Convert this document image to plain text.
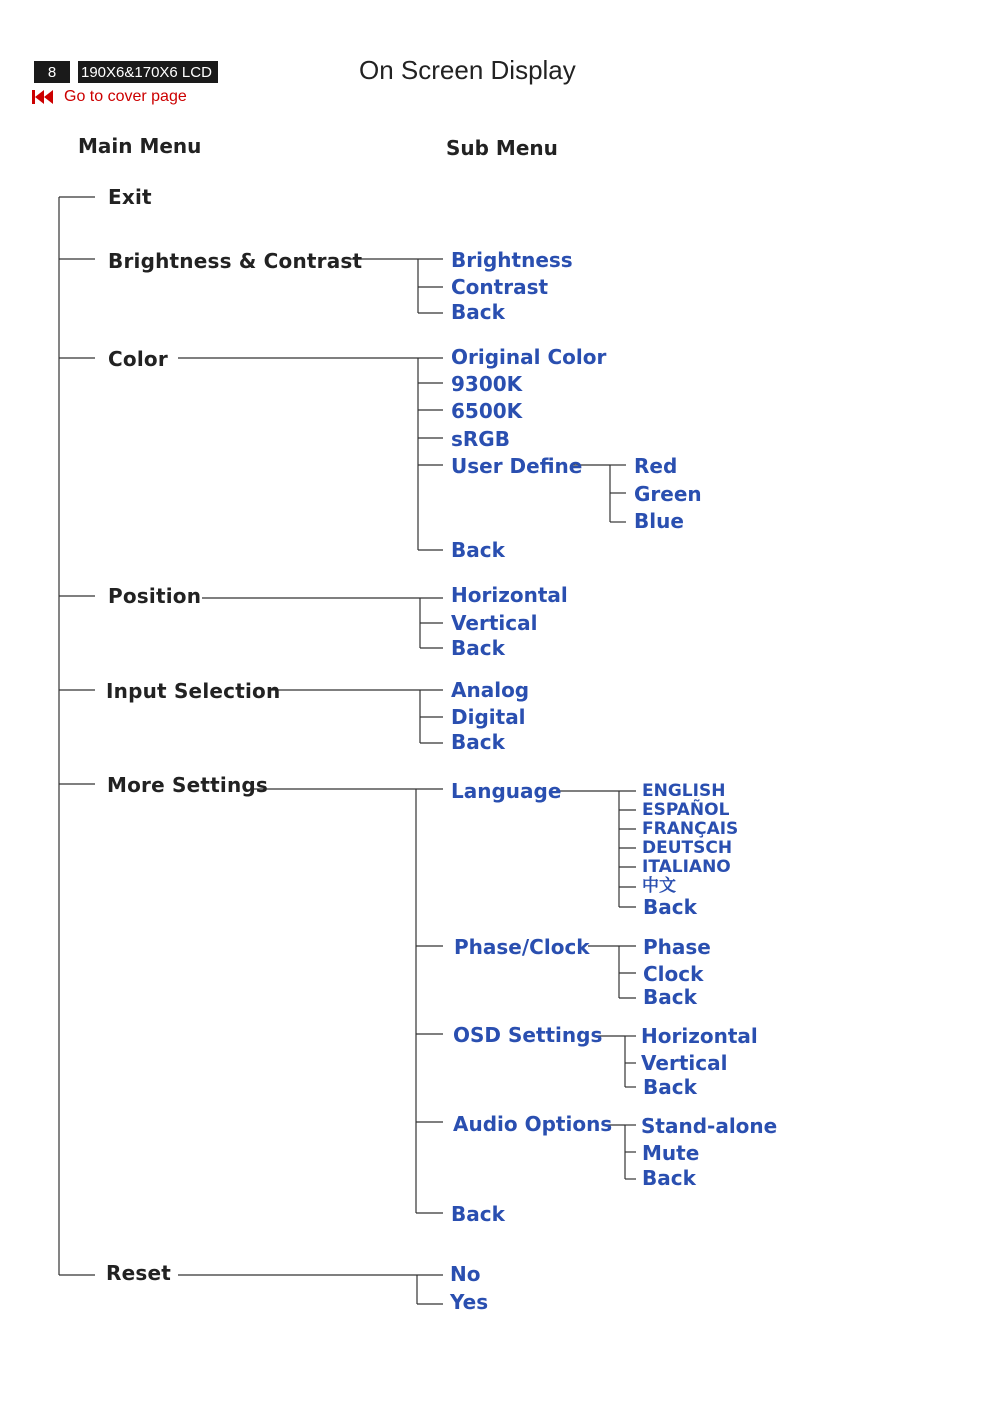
8	190X6&170X6 LCD	On Screen Display
Go to cover page
Main Menu	Sub Menu
Exit
Brightness & Contrast
Color
Position
Input Selection
More Settings
Reset
Brightness
Contrast
Back
Original Color
9300K
6500K
sRGB
User Define
Back
Red
Green
Blue
Horizontal
Vertical
Back
Analog
Digital
Back
Language
Phase/Clock
OSD Settings
Audio Options
Back
ENGLISH
ESPAÑOL
FRANÇAIS
DEUTSCH
ITALIANO
中文
Back
Phase
Clock
Back
Horizontal
Vertical
Back
Stand-alone
Mute
Back
No
Yes
